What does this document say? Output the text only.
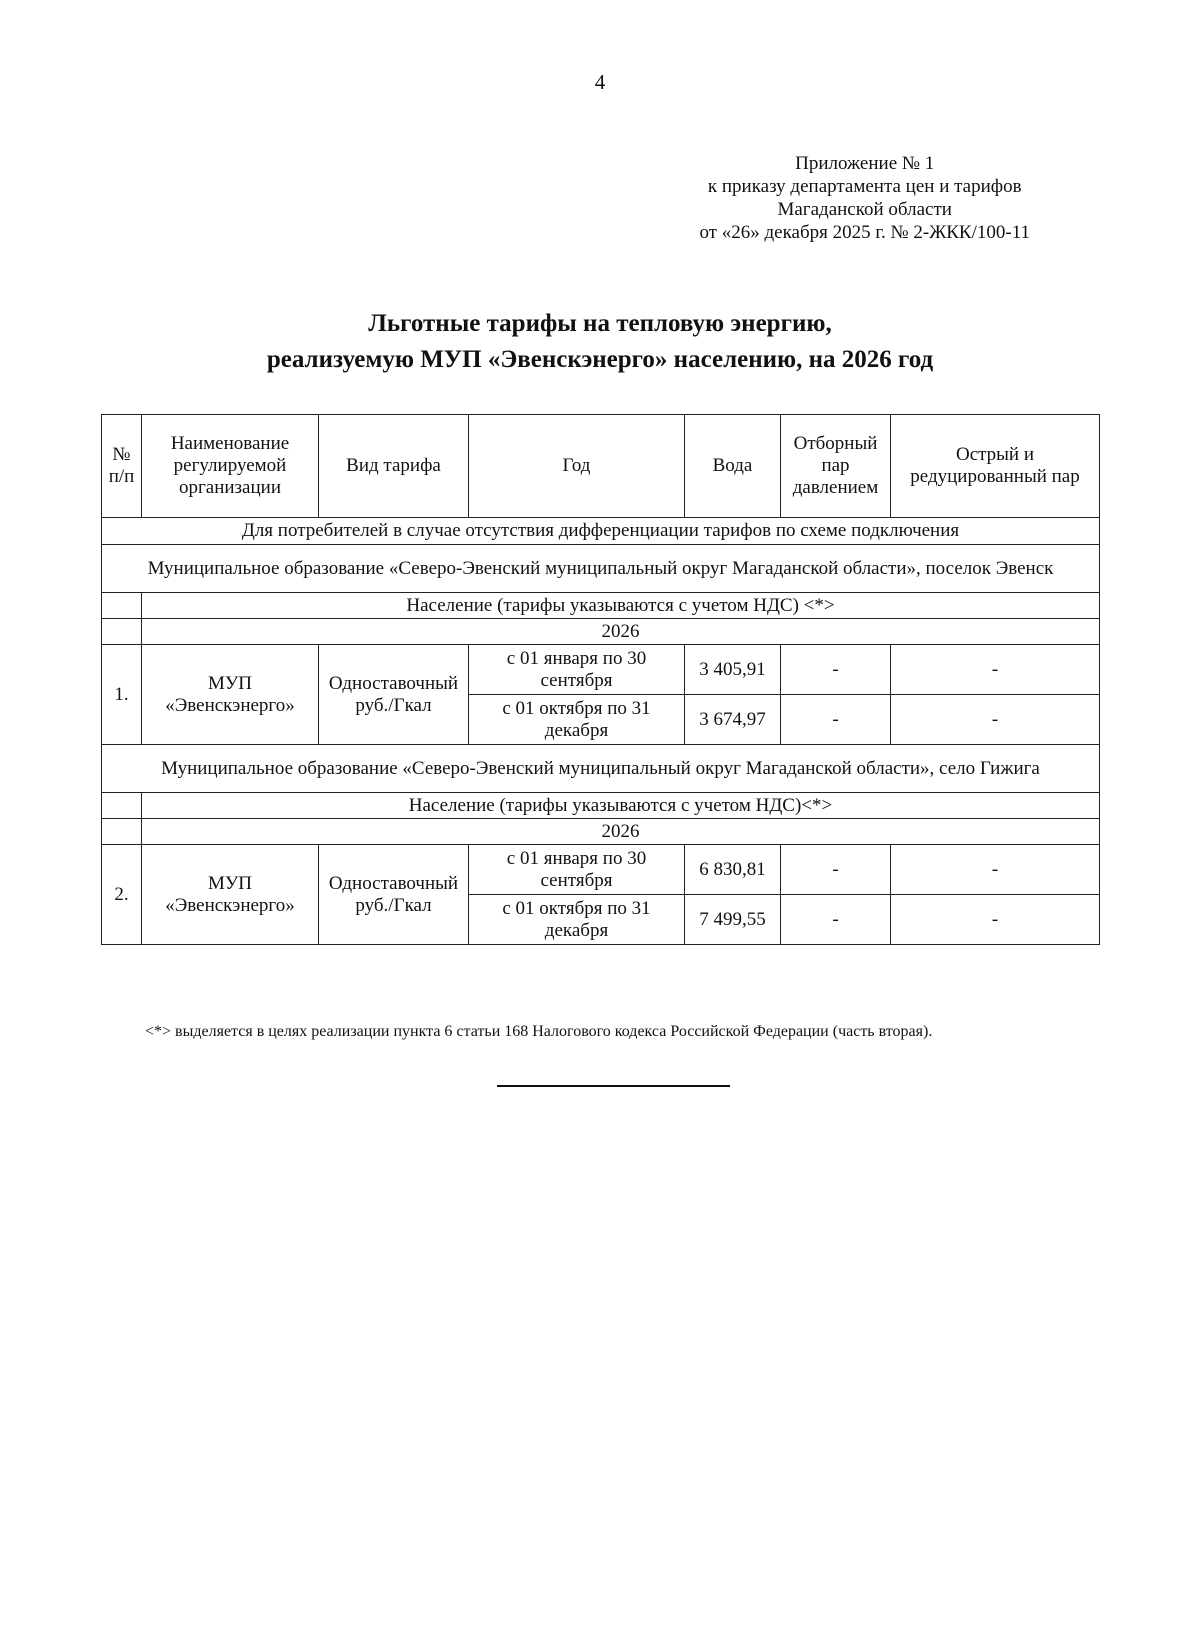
4
Приложение № 1
к приказу департамента цен и тарифов
Магаданской области
от «26» декабря 2025 г. № 2-ЖКК/100-11
Льготные тарифы на тепловую энергию,
реализуемую МУП «Эвенскэнерго» населению, на 2026 год
№ п/п	Наименование регулируемой организации	Вид тарифа	Год	Вода	Отборный пар давлением	Острый и редуцированный пар
Для потребителей в случае отсутствия дифференциации тарифов по схеме подключения						
Муниципальное образование «Северо-Эвенский муниципальный округ Магаданской области», поселок Эвенск						
	Население (тарифы указываются с учетом НДС) <*>					
	2026					
1.	МУП «Эвенскэнерго»	Одноставочный руб./Гкал	с 01 января по 30 сентября	3 405,91	-	-
			с 01 октября по 31 декабря	3 674,97	-	-
Муниципальное образование «Северо-Эвенский муниципальный округ Магаданской области», село Гижига						
	Население (тарифы указываются с учетом НДС)<*>					
	2026					
2.	МУП «Эвенскэнерго»	Одноставочный руб./Гкал	с 01 января по 30 сентября	6 830,81	-	-
			с 01 октября по 31 декабря	7 499,55	-	-
<*> выделяется в целях реализации пункта 6 статьи 168 Налогового кодекса Российской Федерации (часть вторая).
